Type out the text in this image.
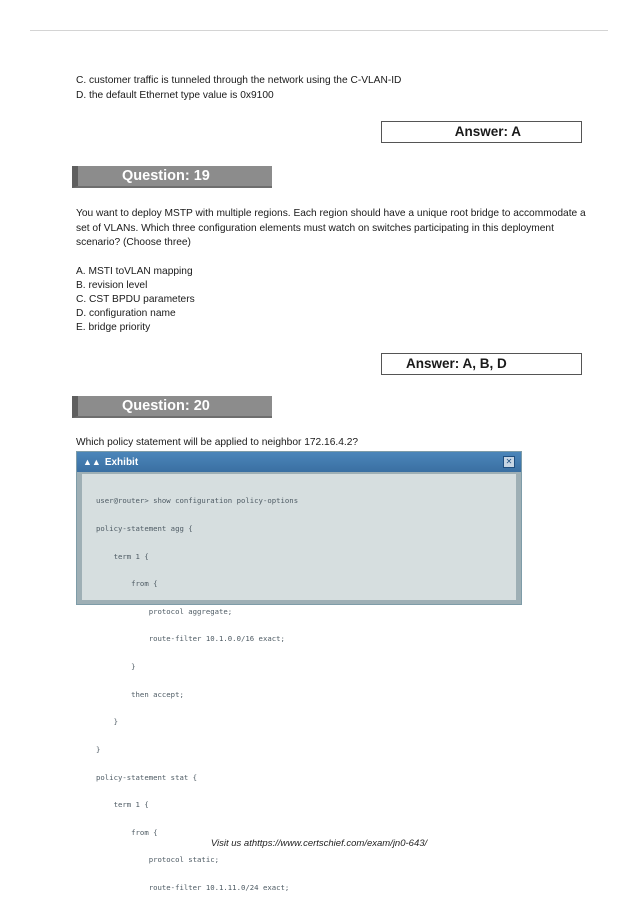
C. customer traffic is tunneled through the network using the C-VLAN-ID
D. the default Ethernet type value is 0x9100
Answer: A
Question: 19
You want to deploy MSTP with multiple regions. Each region should have a unique root bridge to accommodate a set of VLANs. Which three configuration elements must watch on switches participating in this deployment scenario? (Choose three)
A. MSTI toVLAN mapping
B. revision level
C. CST BPDU parameters
D. configuration name
E. bridge priority
Answer: A, B, D
Question: 20
Which policy statement will be applied to neighbor 172.16.4.2?
▲▲ Exhibit	✕

user@router> show configuration policy-options

policy-statement agg {

term 1 {

from {

protocol aggregate;

route-filter 10.1.0.0/16 exact;

}

then accept;

}

}

policy-statement stat {

term 1 {

from {

protocol static;

route-filter 10.1.11.0/24 exact;

Visit us athttps://www.certschief.com/exam/jn0-643/
